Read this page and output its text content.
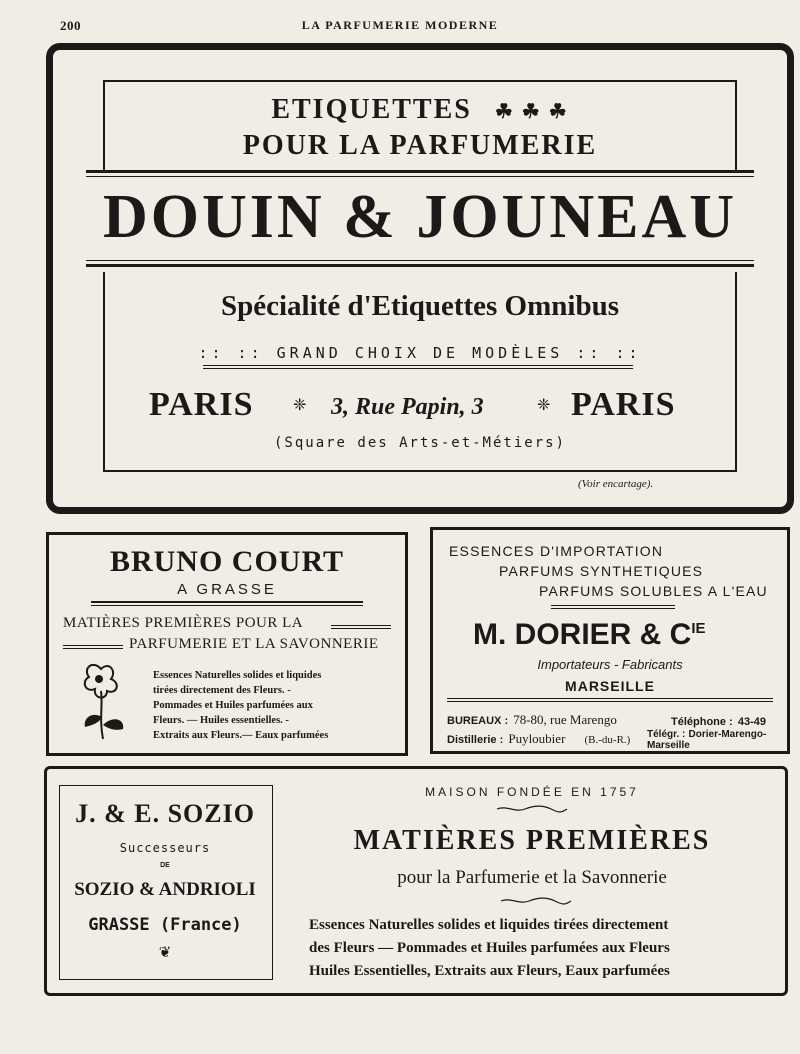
200	LA PARFUMERIE MODERNE
ETIQUETTES ☘ ☘ ☘
POUR LA PARFUMERIE
DOUIN & JOUNEAU
Spécialité d'Etiquettes Omnibus
:: :: GRAND CHOIX DE MODÈLES :: ::
PARIS ❈ 3, Rue Papin, 3	❈ PARIS
(Square des Arts-et-Métiers)
(Voir encartage).
BRUNO COURT
A GRASSE
MATIÈRES PREMIÈRES POUR LA
PARFUMERIE ET LA SAVONNERIE
Essences Naturelles solides et liquides
tirées directement des Fleurs. -
Pommades et Huiles parfumées aux
Fleurs. — Huiles essentielles. -
Extraits aux Fleurs.— Eaux parfumées
ESSENCES D'IMPORTATION
PARFUMS SYNTHETIQUES
PARFUMS SOLUBLES A L'EAU
M. DORIER & $C^{IE}$
Importateurs - Fabricants
MARSEILLE
BUREAUX : 78-80, rue Marengo	Téléphone : 43-49
Distillerie : Puyloubier (B.-du-R.) Télégr. : Dorier-Marengo-Marseille
J. & E. SOZIO
Successeurs
DE
SOZIO & ANDRIOLI
GRASSE (France)
❦
MAISON FONDÉE EN 1757
MATIÈRES PREMIÈRES
pour la Parfumerie et la Savonnerie
Essences Naturelles solides et liquides tirées directement
des Fleurs — Pommades et Huiles parfumées aux Fleurs
Huiles Essentielles, Extraits aux Fleurs, Eaux parfumées
